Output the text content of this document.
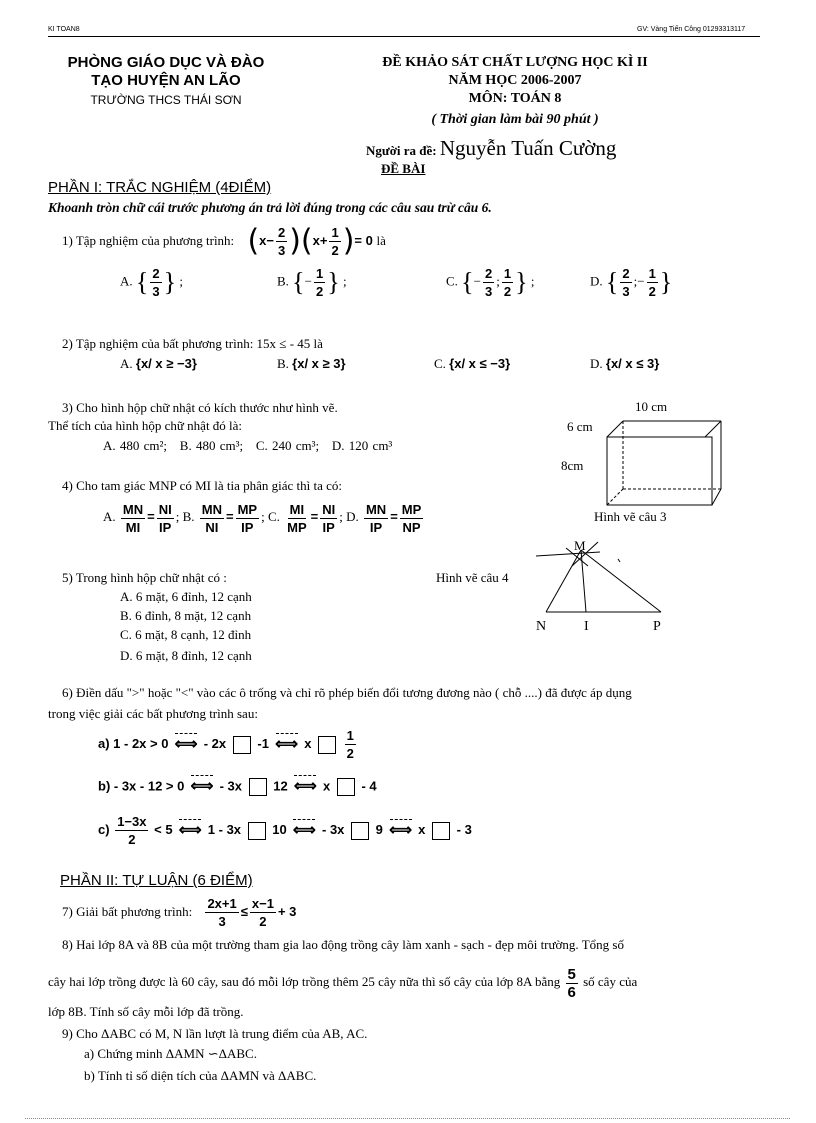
KI TOAN8	GV: Vàng Tiến Công 01293313117
PHÒNG GIÁO DỤC VÀ ĐÀO
TẠO HUYỆN AN LÃO
TRƯỜNG THCS THÁI SƠN
ĐỀ KHẢO SÁT CHẤT LƯỢNG HỌC KÌ II
NĂM HỌC 2006-2007
MÔN: TOÁN 8
( Thời gian làm bài 90 phút )
Người ra đề: Nguyễn Tuấn Cường
ĐỀ BÀI
PHẦN I: TRẮC NGHIỆM (4ĐIỂM)
Khoanh tròn chữ cái trước phương án trả lời đúng trong các câu sau trừ câu 6.
1) Tập nghiệm của phương trình: $(x- \frac{2}{3} )(x+ \frac{1}{2}$ )= 0 là
A. { $\frac{2}{3}$ } ;	B. {− $\frac{1}{2}$ } ;	C. {− $\frac{2}{3}$ ; $\frac{1}{2}$ } ;	D. { $\frac{2}{3}$ ;− $\frac{1}{2}$ }
2) Tập nghiệm của bất phương trình: 15x ≤ - 45 là
A. {x/ x ≥ −3}	B. {x/ x ≥ 3}	C. {x/ x ≤ −3}	D. {x/ x ≤ 3}
3) Cho hình hộp chữ nhật có kích thước như hình vẽ.
Thể tích của hình hộp chữ nhật đó là:
A. 480 cm²; B. 480 cm³; C. 240 cm³; D. 120 cm³
10 cm
6 cm
8cm
Hình vẽ câu 3
4) Cho tam giác MNP có MI là tia phân giác thì ta có:
A. $\frac{MN}{MI} = \frac{NI}{IP}$ ; B. $\frac{MN}{NI} = \frac{MP}{IP}$ ; C. $\frac{MI}{MP} = \frac{NI}{IP}$ ; D. $\frac{MN}{IP} = \frac{MP}{NP}$
M
N	I	P
Hình vẽ câu 4
5) Trong hình hộp chữ nhật có :
A. 6 mặt, 6 đỉnh, 12 cạnh
B. 6 đỉnh, 8 mặt, 12 cạnh
C. 6 mặt, 8 cạnh, 12 đỉnh
D. 6 mặt, 8 đỉnh, 12 cạnh
6) Điền dấu ">" hoặc "<" vào các ô trống và chỉ rõ phép biến đổi tương đương nào ( chỗ ....) đã được áp dụng
trong việc giải các bất phương trình sau:
a) 1 - 2x > 0 ⟺ - 2x -1 ⟺ x	$\frac{1}{2}$
b) - 3x - 12 > 0 ⟺ - 3x 12 ⟺ x - 4
$c) \frac{1-3x}{2} < 5$ ⟺ 1 - 3x 10 ⟺ - 3x 9 ⟺ x - 3
PHẦN II: TỰ LUẬN (6 ĐIỂM)
7) Giải bất phương trình: $\frac{2x+1}{3} \le \frac{x-1}{2} + 3$
8) Hai lớp 8A và 8B của một trường tham gia lao động trồng cây làm xanh - sạch - đẹp môi trường. Tổng số
cây hai lớp trồng được là 60 cây, sau đó mỗi lớp trồng thêm 25 cây nữa thì số cây của lớp 8A bằng $\frac{5}{6}$ số cây của
lớp 8B. Tính số cây mỗi lớp đã trồng.
9) Cho ΔABC có M, N lần lượt là trung điểm của AB, AC.
a) Chứng minh ΔAMN ∽ΔABC.
b) Tính tỉ số diện tích của ΔAMN và ΔABC.
